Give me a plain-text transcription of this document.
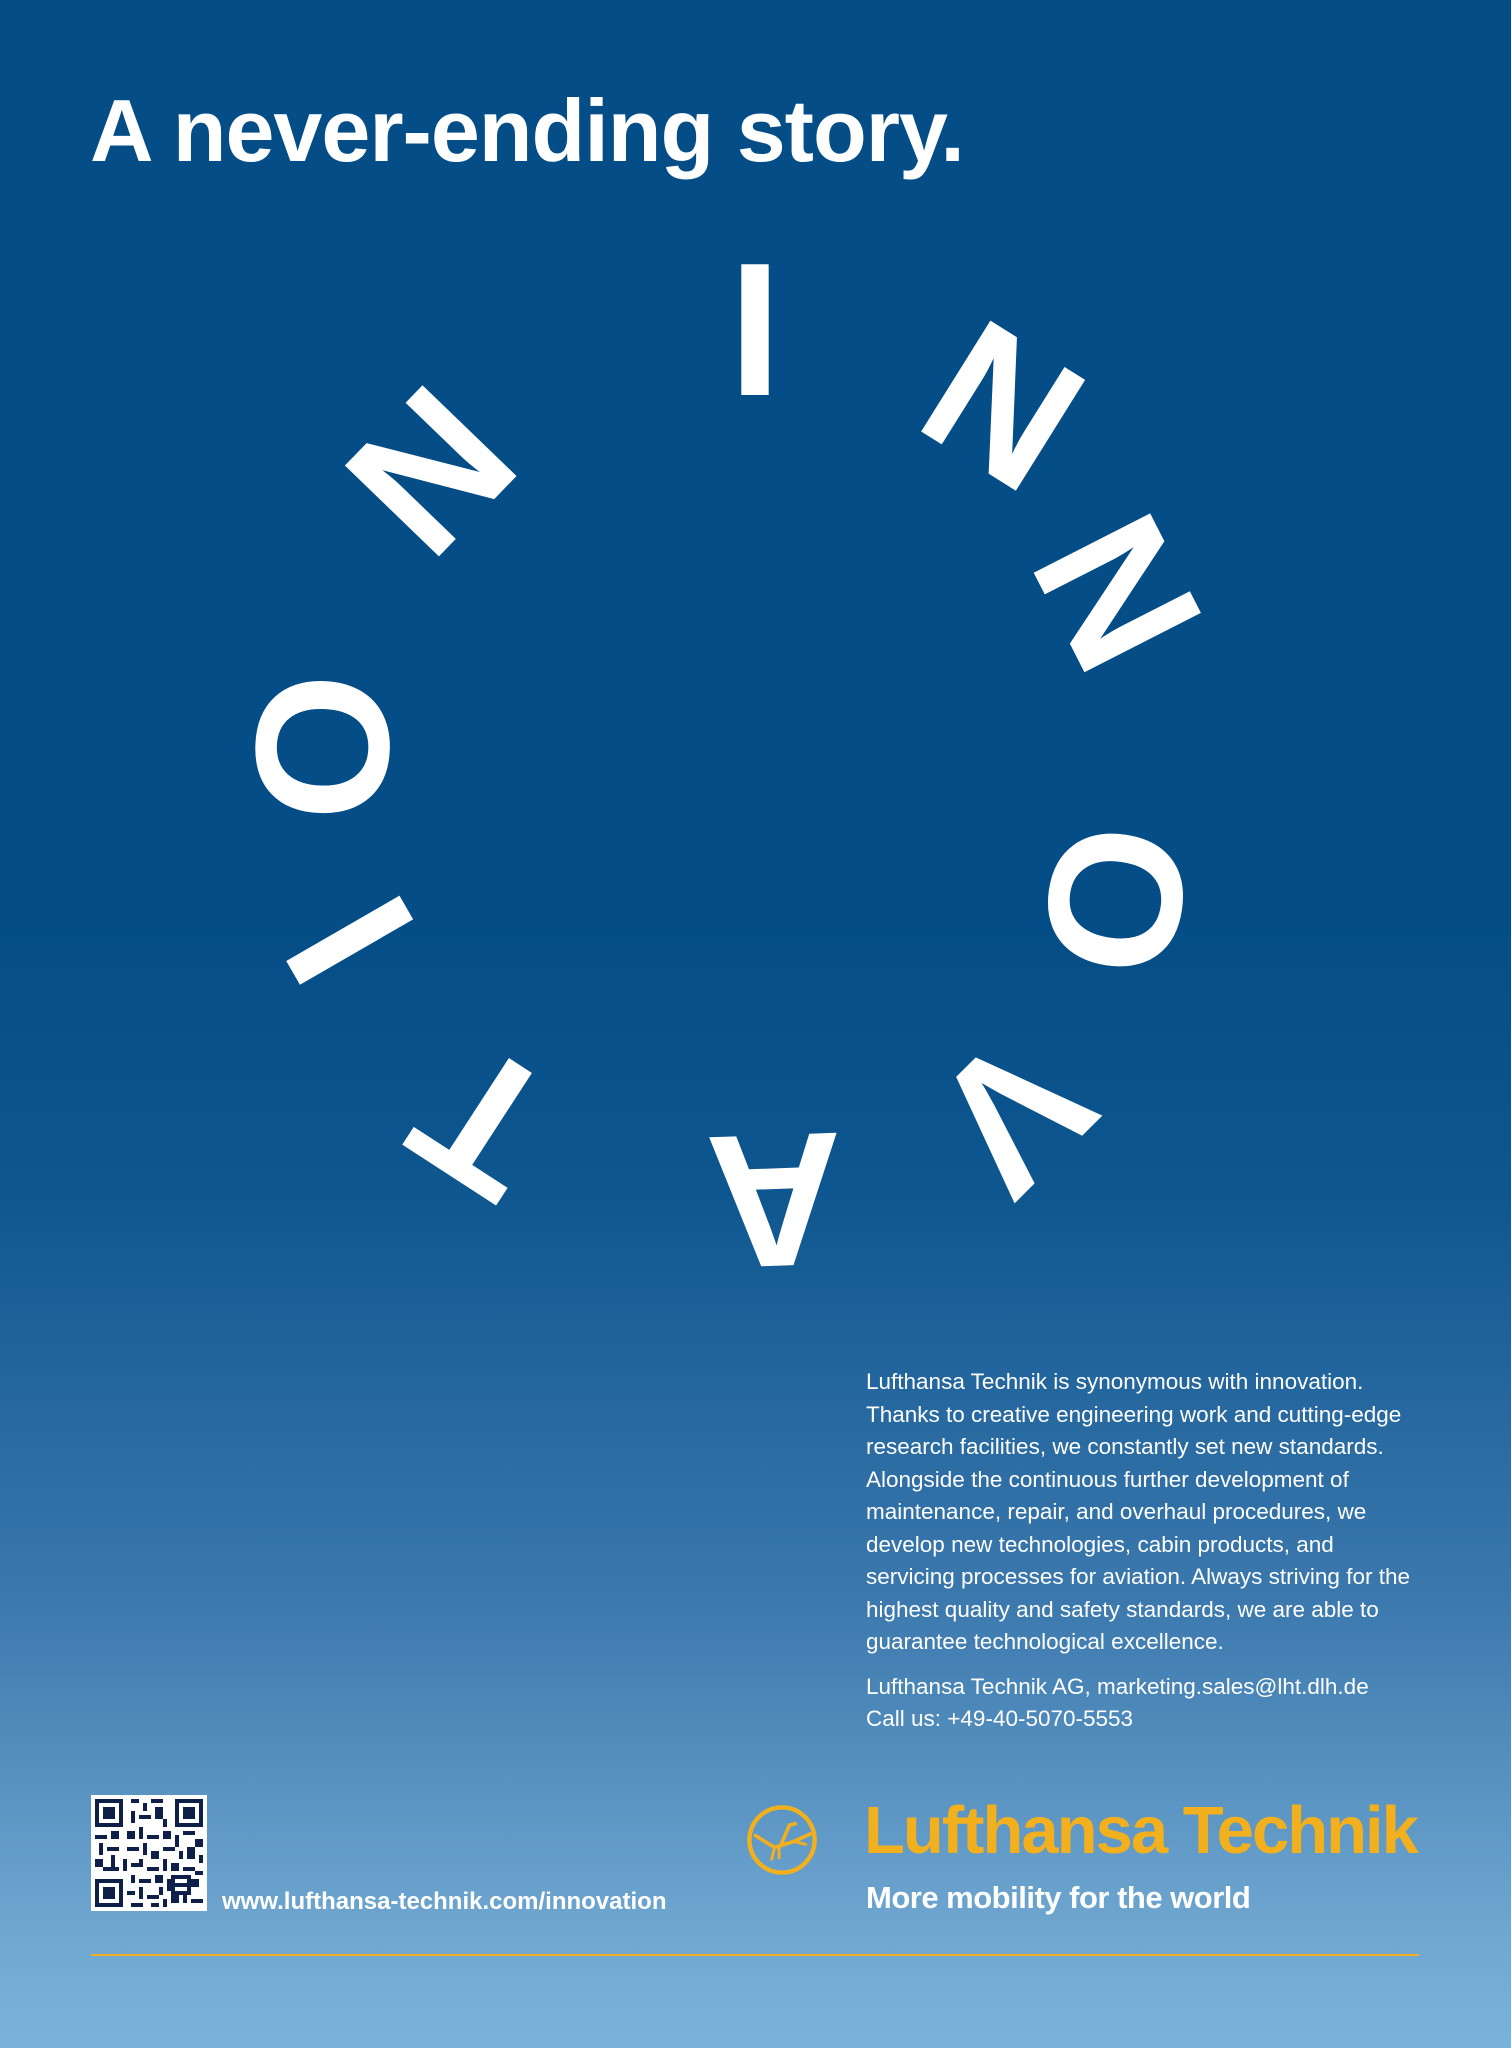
A never-ending story.
I N
N
O
V
A
T
I
O
N

Lufthansa Technik is synonymous with innovation. Thanks to creative engineering work and cutting-edge research facilities, we constantly set new standards. Alongside the continuous further development of maintenance, repair, and overhaul procedures, we develop new technologies, cabin products, and servicing processes for aviation. Always striving for the highest quality and safety standards, we are able to guarantee technological excellence.

Lufthansa Technik AG, marketing.sales@lht.dlh.de
Call us: +49-40-5070-5553
www.lufthansa-technik.com/innovation
Lufthansa Technik
More mobility for the world
